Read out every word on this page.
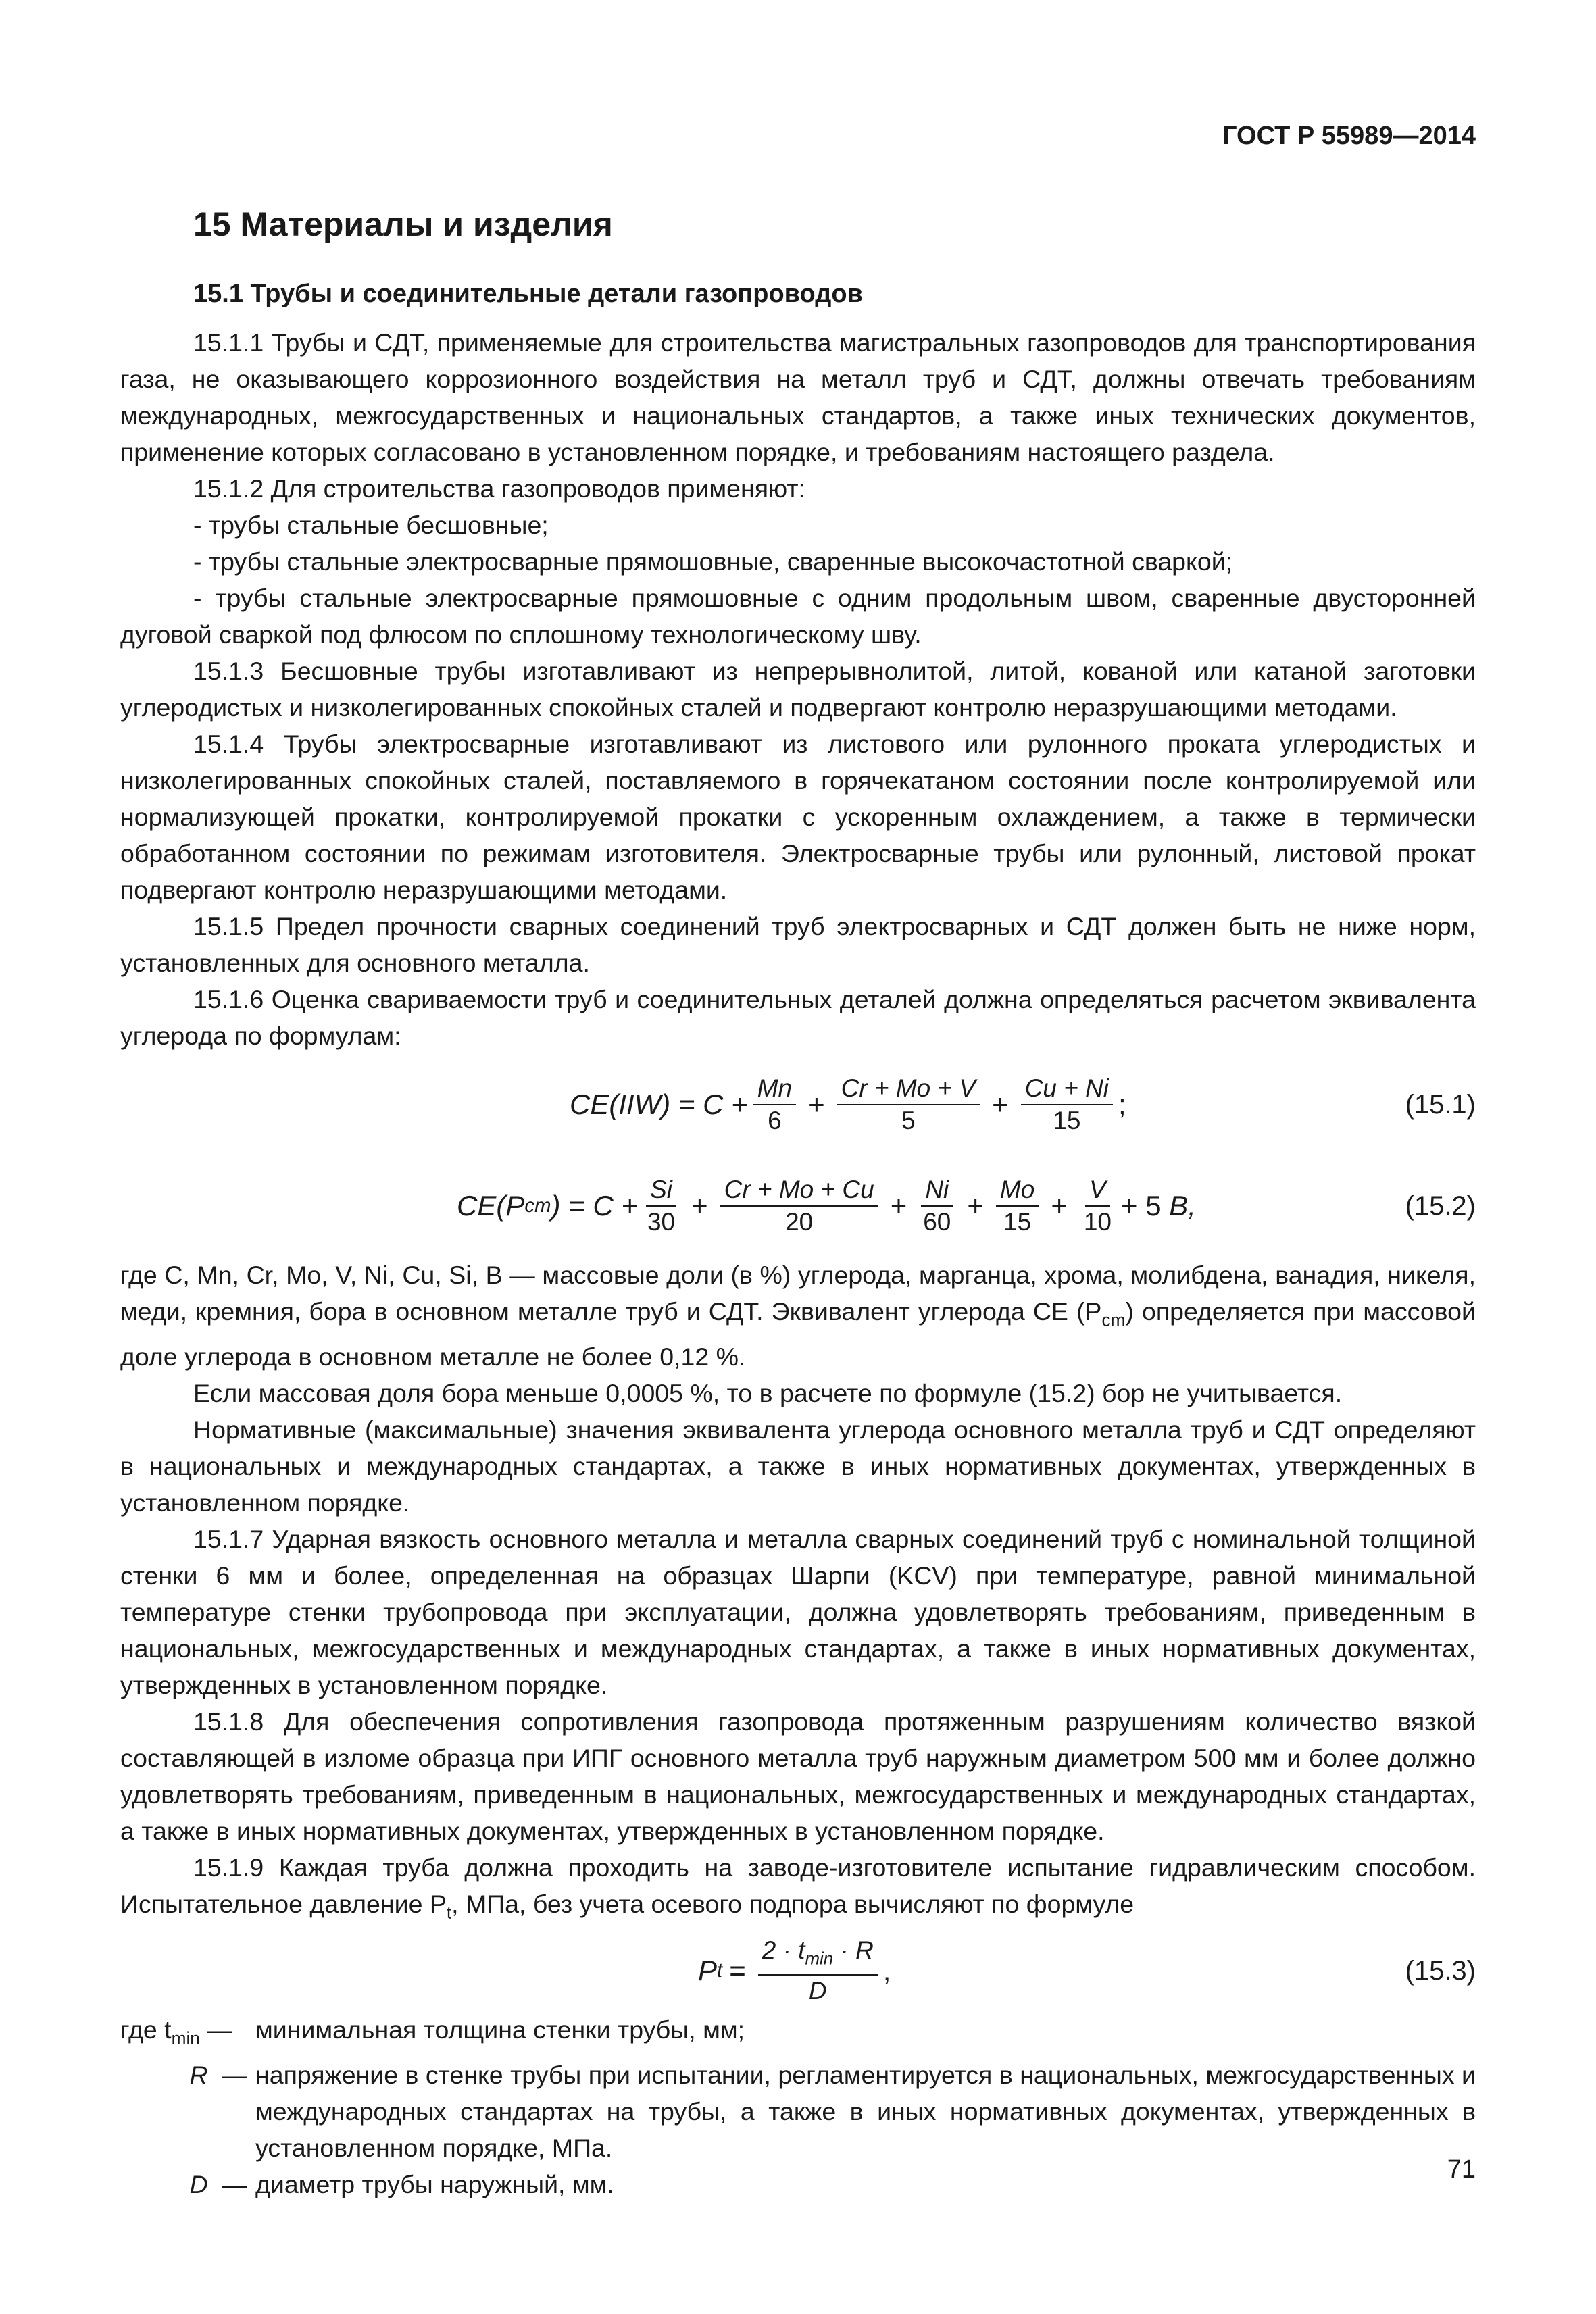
ГОСТ Р 55989—2014
15 Материалы и изделия
15.1 Трубы и соединительные детали газопроводов

15.1.1 Трубы и СДТ, применяемые для строительства магистральных газопроводов для транспортирования газа, не оказывающего коррозионного воздействия на металл труб и СДТ, должны отвечать требованиям международных, межгосударственных и национальных стандартов, а также иных технических документов, применение которых согласовано в установленном порядке, и требованиям настоящего раздела.

15.1.2 Для строительства газопроводов применяют:

- трубы стальные бесшовные;

- трубы стальные электросварные прямошовные, сваренные высокочастотной сваркой;

- трубы стальные электросварные прямошовные с одним продольным швом, сваренные двусторонней дуговой сваркой под флюсом по сплошному технологическому шву.

15.1.3 Бесшовные трубы изготавливают из непрерывнолитой, литой, кованой или катаной заготовки углеродистых и низколегированных спокойных сталей и подвергают контролю неразрушающими методами.

15.1.4 Трубы электросварные изготавливают из листового или рулонного проката углеродистых и низколегированных спокойных сталей, поставляемого в горячекатаном состоянии после контролируемой или нормализующей прокатки, контролируемой прокатки с ускоренным охлаждением, а также в термически обработанном состоянии по режимам изготовителя. Электросварные трубы или рулонный, листовой прокат подвергают контролю неразрушающими методами.

15.1.5 Предел прочности сварных соединений труб электросварных и СДТ должен быть не ниже норм, установленных для основного металла.

15.1.6 Оценка свариваемости труб и соединительных деталей должна определяться расчетом эквивалента углерода по формулам:

$CE(IIW) = C + \frac{Mn}{6} + \frac{Cr + Mo + V}{5} + \frac{Cu + Ni}{15}$ ;	(15.1)
CE(P cm ) = $C + \frac{Si}{30} + \frac{Cr + Mo + Cu}{20} + \frac{Ni}{60} + \frac{Mo}{15} + \frac{V}{10} + 5$
B,	(15.2)

где C, Mn, Cr, Mo, V, Ni, Cu, Si, B — массовые доли (в %) углерода, марганца, хрома, молибдена, ванадия, никеля, меди, кремния, бора в основном металле труб и СДТ. Эквивалент углерода CE $(P_{cm})$ определяется при массовой доле углерода в основном металле не более 0,12 %.

Если массовая доля бора меньше 0,0005 %, то в расчете по формуле (15.2) бор не учитывается.

Нормативные (максимальные) значения эквивалента углерода основного металла труб и СДТ определяют в национальных и международных стандартах, а также в иных нормативных документах, утвержденных в установленном порядке.

15.1.7 Ударная вязкость основного металла и металла сварных соединений труб с номинальной толщиной стенки 6 мм и более, определенная на образцах Шарпи (KCV) при температуре, равной минимальной температуре стенки трубопровода при эксплуатации, должна удовлетворять требованиям, приведенным в национальных, межгосударственных и международных стандартах, а также в иных нормативных документах, утвержденных в установленном порядке.

15.1.8 Для обеспечения сопротивления газопровода протяженным разрушениям количество вязкой составляющей в изломе образца при ИПГ основного металла труб наружным диаметром 500 мм и более должно удовлетворять требованиям, приведенным в национальных, межгосударственных и международных стандартах, а также в иных нормативных документах, утвержденных в установленном порядке.

15.1.9 Каждая труба должна проходить на заводе-изготовителе испытание гидравлическим способом. Испытательное давление $P_t$, МПа, без учета осевого подпора вычисляют по формуле

P $t = \frac{2 \cdot t_{min} \cdot R}{D}$ ,	(15.3)
где $t_{min}$ — минимальная толщина стенки трубы, мм;
R — напряжение в стенке трубы при испытании, регламентируется в национальных, межгосударственных и международных стандартах на трубы, а также в иных нормативных документах, утвержденных в установленном порядке, МПа.
D — диаметр трубы наружный, мм.
71
